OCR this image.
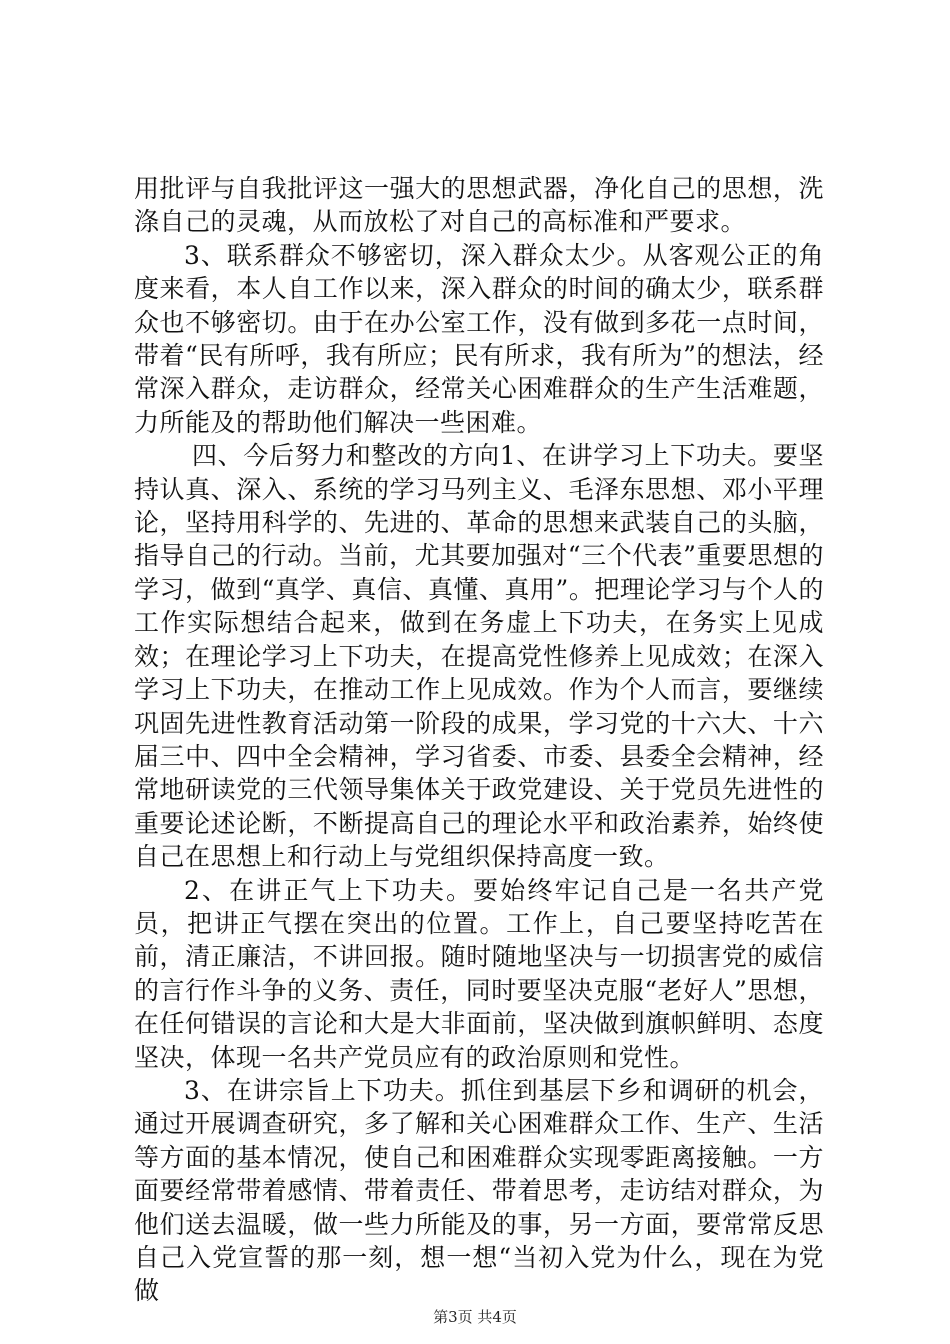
用批评与自我批评这一强大的思想武器，净化自己的思想，洗涤自己的灵魂，从而放松了对自己的高标准和严要求。

3、联系群众不够密切，深入群众太少。从客观公正的角度来看，本人自工作以来，深入群众的时间的确太少，联系群众也不够密切。由于在办公室工作，没有做到多花一点时间，带着“民有所呼，我有所应；民有所求，我有所为”的想法，经常深入群众，走访群众，经常关心困难群众的生产生活难题，力所能及的帮助他们解决一些困难。

四、今后努力和整改的方向1、在讲学习上下功夫。要坚持认真、深入、系统的学习马列主义、毛泽东思想、邓小平理论，坚持用科学的、先进的、革命的思想来武装自己的头脑，指导自己的行动。当前，尤其要加强对“三个代表”重要思想的学习，做到“真学、真信、真懂、真用”。把理论学习与个人的工作实际想结合起来，做到在务虚上下功夫，在务实上见成效；在理论学习上下功夫，在提高党性修养上见成效；在深入学习上下功夫，在推动工作上见成效。作为个人而言，要继续巩固先进性教育活动第一阶段的成果，学习党的十六大、十六届三中、四中全会精神，学习省委、市委、县委全会精神，经常地研读党的三代领导集体关于政党建设、关于党员先进性的重要论述论断，不断提高自己的理论水平和政治素养，始终使自己在思想上和行动上与党组织保持高度一致。

2、在讲正气上下功夫。要始终牢记自己是一名共产党员，把讲正气摆在突出的位置。工作上，自己要坚持吃苦在前，清正廉洁，不讲回报。随时随地坚决与一切损害党的威信的言行作斗争的义务、责任，同时要坚决克服“老好人”思想，在任何错误的言论和大是大非面前，坚决做到旗帜鲜明、态度坚决，体现一名共产党员应有的政治原则和党性。

3、在讲宗旨上下功夫。抓住到基层下乡和调研的机会，通过开展调查研究，多了解和关心困难群众工作、生产、生活等方面的基本情况，使自己和困难群众实现零距离接触。一方面要经常带着感情、带着责任、带着思考，走访结对群众，为他们送去温暖，做一些力所能及的事，另一方面，要常常反思自己入党宣誓的那一刻，想一想“当初入党为什么，现在为党做

第3页 共4页
